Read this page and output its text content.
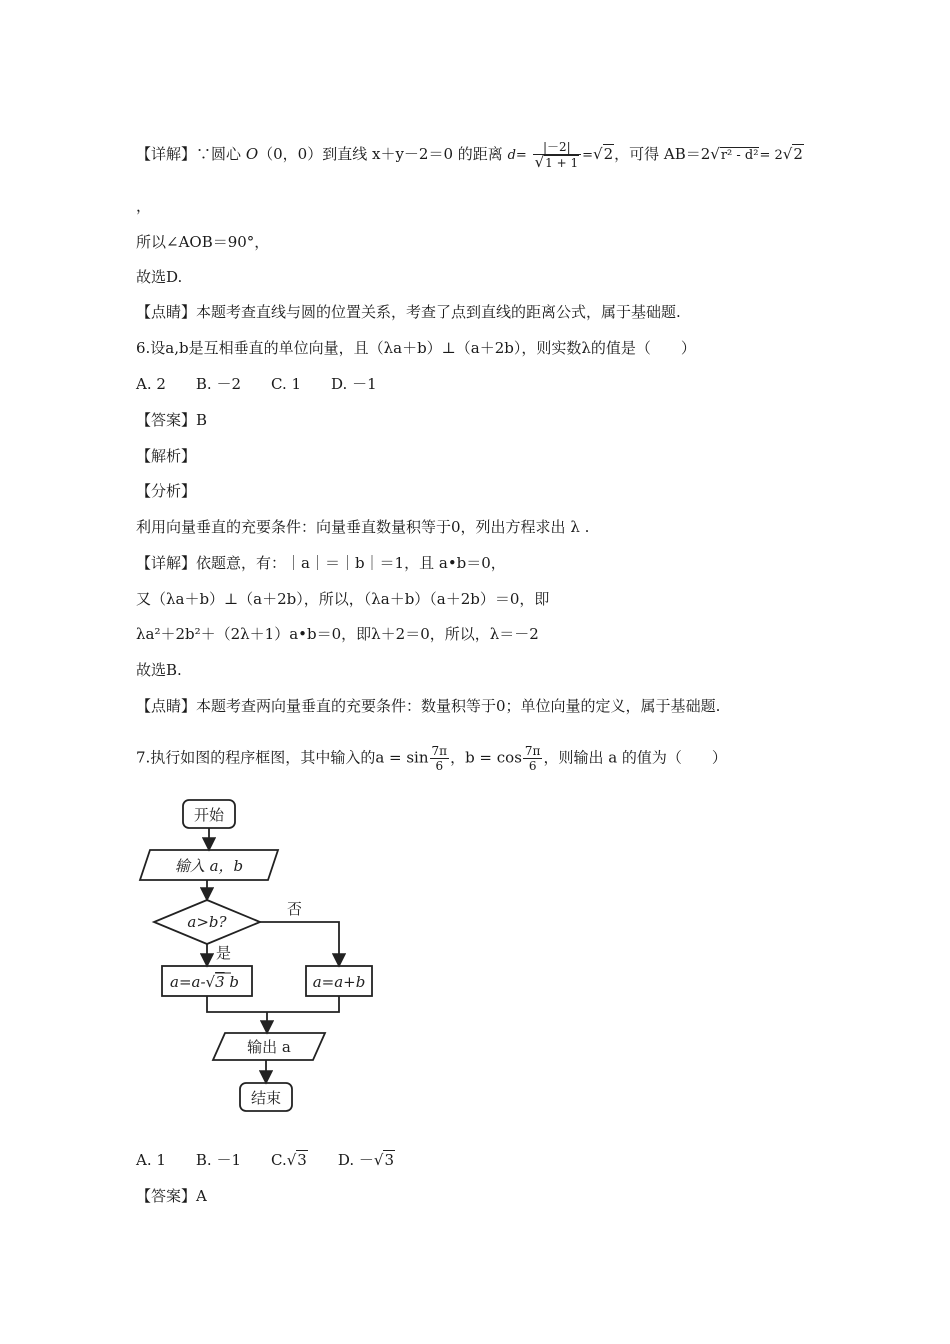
【详解】∵圆心 O（0，0）到直线 x＋y－2＝0 的距离 $d= \frac{|-2|}{√1 + 1} =√2$，可得 AB＝2√r² - d²= 2√2
，
所以∠AOB＝90°，
故选D.
【点睛】本题考查直线与圆的位置关系，考查了点到直线的距离公式，属于基础题.
6.设a,b是互相垂直的单位向量，且（λa＋b）⊥（a＋2b），则实数λ的值是（　　）
A. 2　　B. －2　　C. 1　　D. －1
【答案】B
【解析】
【分析】
利用向量垂直的充要条件：向量垂直数量积等于0，列出方程求出 λ .
【详解】依题意，有：｜a｜＝｜b｜＝1，且 a•b＝0，
又（λa＋b）⊥（a＋2b），所以，（λa＋b）（a＋2b）＝0，即
λa²＋2b²＋（2λ＋1）a•b＝0，即λ＋2＝0，所以，λ＝－2
故选B.
【点睛】本题考查两向量垂直的充要条件：数量积等于0；单位向量的定义，属于基础题.
7.执行如图的程序框图，其中输入的$a = \sin \frac{7\pi}{6}$ ，$b = \cos \frac{7\pi}{6}$ ，则输出 a 的值为（　　）
开始
输入 a，b
a>b?
否
是
a=a-√3 b	a=a+b
输出 a
结束
A. 1　　B. －1　　C.√3　　D. －√3
【答案】A
